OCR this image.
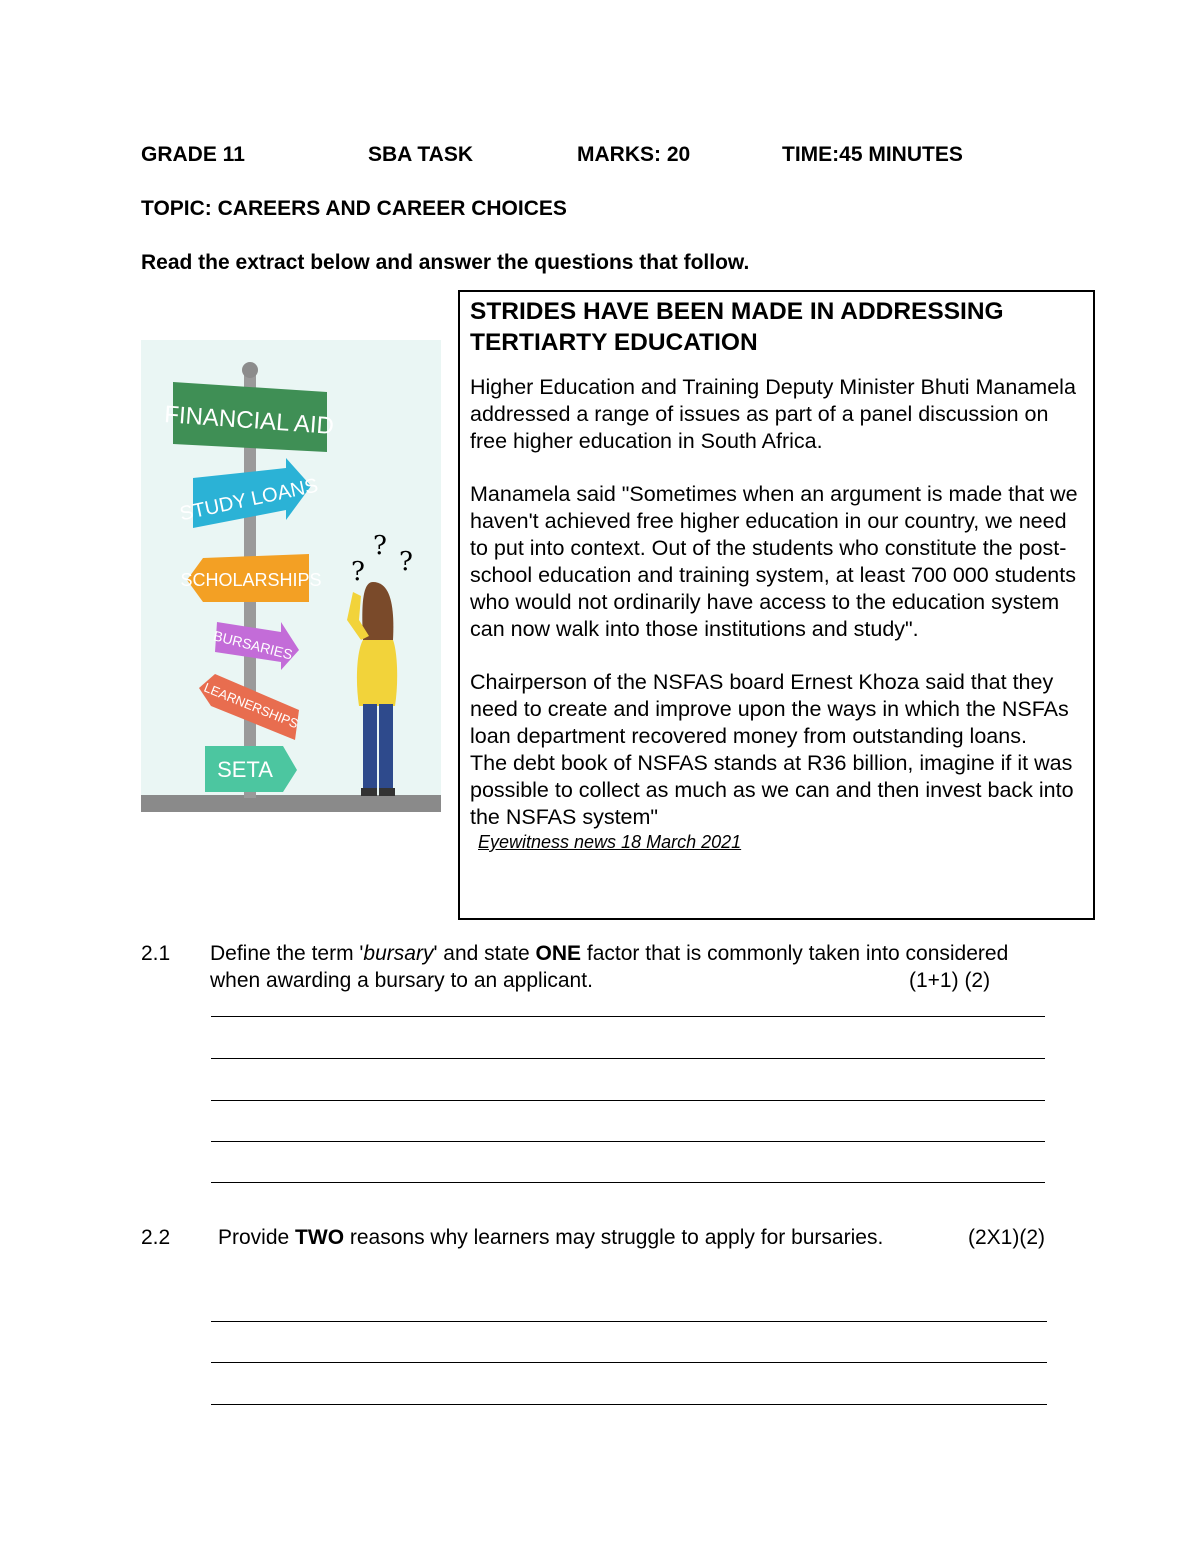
GRADE 11	SBA TASK	MARKS: 20	TIME:45 MINUTES
TOPIC: CAREERS AND CAREER CHOICES
Read the extract below and answer the questions that follow.
FINANCIAL AID
STUDY LOANS
SCHOLARSHIPS
BURSARIES
LEARNERSHIPS
SETA
?
?
?
STRIDES HAVE BEEN MADE IN ADDRESSING TERTIARTY EDUCATION

Higher Education and Training Deputy Minister Bhuti Manamela addressed a range of issues as part of a panel discussion on free higher education in South Africa.

Manamela said "Sometimes when an argument is made that we haven't achieved free higher education in our country, we need to put into context. Out of the students who constitute the post- school education and training system, at least 700 000 students who would not ordinarily have access to the education system can now walk into those institutions and study".

Chairperson of the NSFAS board Ernest Khoza said that they need to create and improve upon the ways in which the NSFAs loan department recovered money from outstanding loans.

The debt book of NSFAS stands at R36 billion, imagine if it was possible to collect as much as we can and then invest back into the NSFAS system"

Eyewitness news 18 March 2021
2.1 Define the term 'bursary' and state ONE factor that is commonly taken into considered when awarding a bursary to an applicant.	(1+1) (2)
2.2 Provide TWO reasons why learners may struggle to apply for bursaries.	(2X1)(2)
